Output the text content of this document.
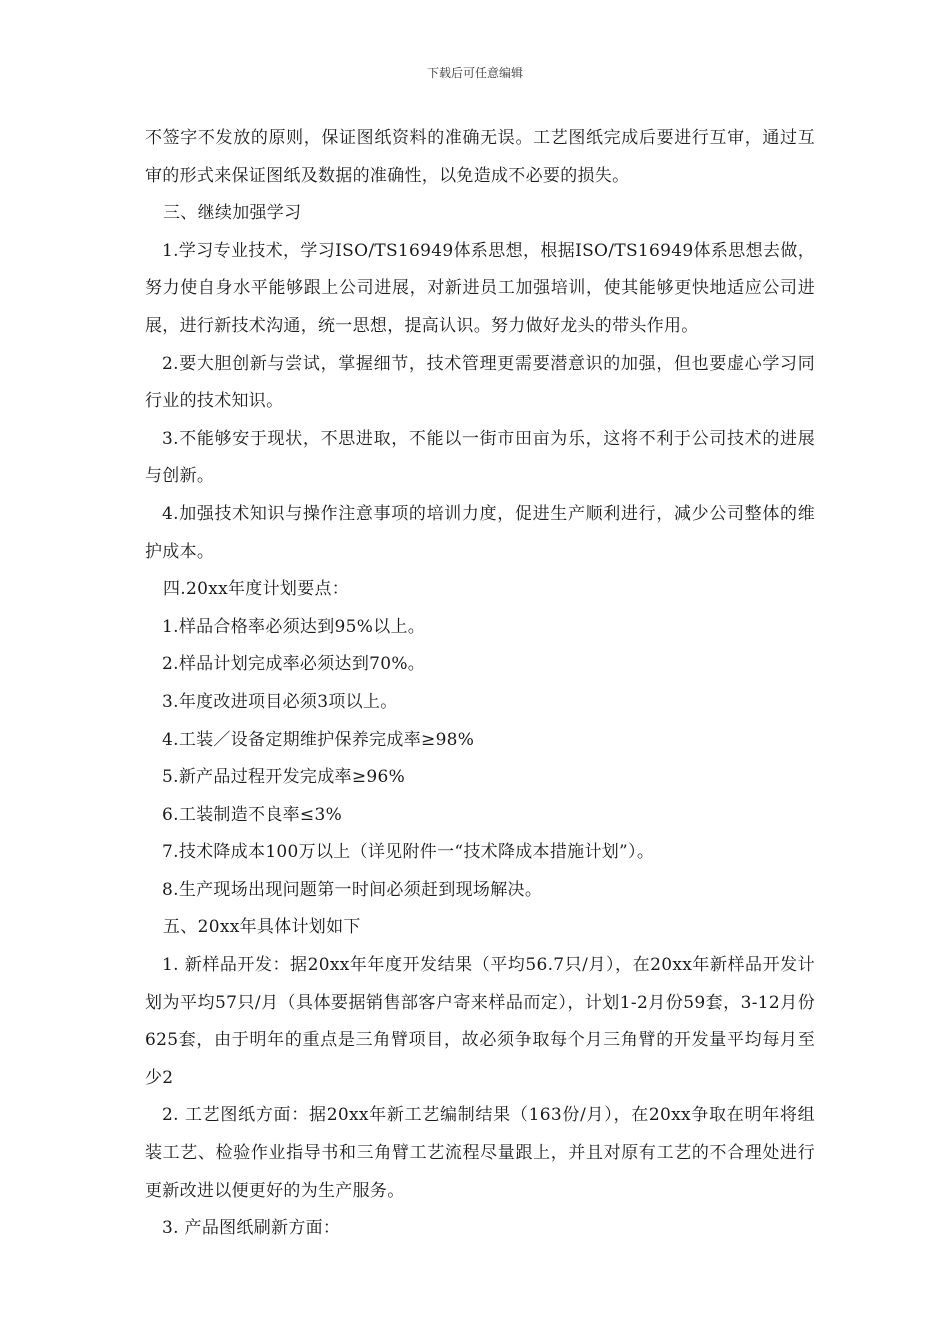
下载后可任意编辑

不签字不发放的原则，保证图纸资料的准确无误。工艺图纸完成后要进行互审，通过互审的形式来保证图纸及数据的准确性，以免造成不必要的损失。

三、继续加强学习

1.学习专业技术，学习ISO/TS16949体系思想，根据ISO/TS16949体系思想去做，努力使自身水平能够跟上公司进展，对新进员工加强培训，使其能够更快地适应公司进展，进行新技术沟通，统一思想，提高认识。努力做好龙头的带头作用。

2.要大胆创新与尝试，掌握细节，技术管理更需要潜意识的加强，但也要虚心学习同行业的技术知识。

3.不能够安于现状，不思进取，不能以一街市田亩为乐，这将不利于公司技术的进展与创新。

4.加强技术知识与操作注意事项的培训力度，促进生产顺利进行，减少公司整体的维护成本。

四.20xx年度计划要点：

1.样品合格率必须达到95%以上。

2.样品计划完成率必须达到70%。

3.年度改进项目必须3项以上。

4.工装／设备定期维护保养完成率≥98%

5.新产品过程开发完成率≥96%

6.工装制造不良率≤3%

7.技术降成本100万以上（详见附件一“技术降成本措施计划”）。

8.生产现场出现问题第一时间必须赶到现场解决。

五、20xx年具体计划如下

1. 新样品开发：据20xx年年度开发结果（平均56.7只/月），在20xx年新样品开发计划为平均57只/月（具体要据销售部客户寄来样品而定），计划1-2月份59套，3-12月份625套，由于明年的重点是三角臂项目，故必须争取每个月三角臂的开发量平均每月至少2

2. 工艺图纸方面：据20xx年新工艺编制结果（163份/月），在20xx争取在明年将组装工艺、检验作业指导书和三角臂工艺流程尽量跟上，并且对原有工艺的不合理处进行更新改进以便更好的为生产服务。

3. 产品图纸刷新方面：
